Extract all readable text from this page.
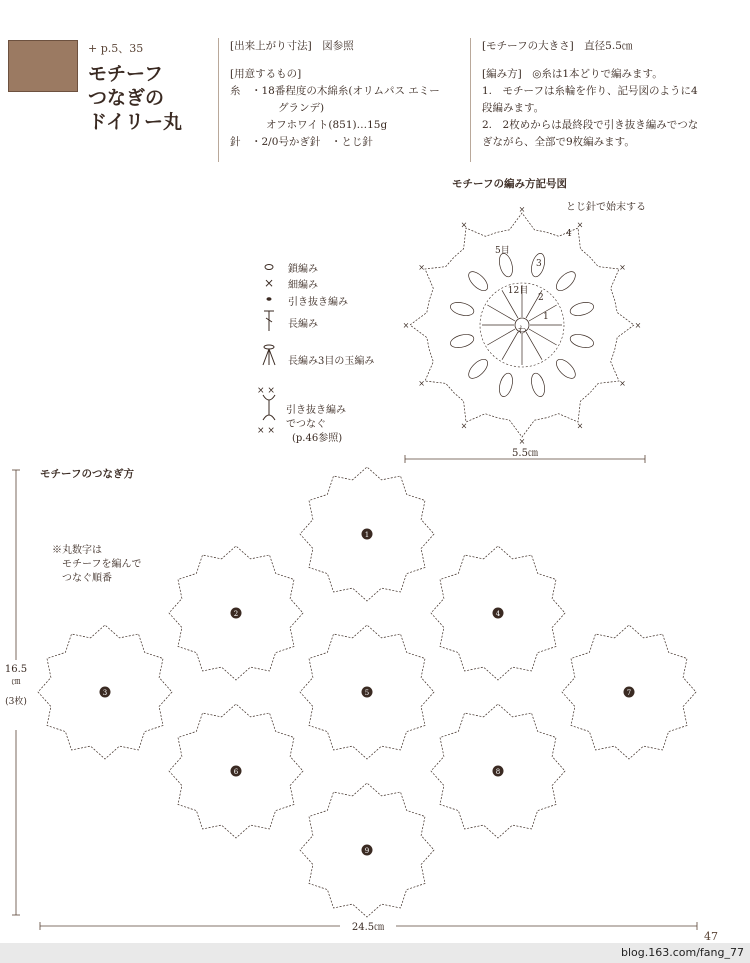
+ p.5、35
モチーフ
つなぎの
ドイリー丸
[出来上がり寸法]　 図参照
[用意するもの]
糸　・18番程度の木綿糸(オリムパス エミー
グランデ)
オフホワイト(851)…15g
針　・2/0号かぎ針　・とじ針
[モチーフの大きさ]　 直径5.5㎝
[編み方]　 ◎糸は1本どりで編みます。
1.　モチーフは糸輪を作り、記号図のように4
段編みます。
2.　2枚めからは最終段で引き抜き編みでつな
ぎながら、全部で9枚編みます。
モチーフの編み方記号図
とじ針で始末する
×
×
×
×
×
×
×
×
×
×
×
×
5.5㎝
わ
1
2
3
4
12目
5目
×
× ×
× ×
鎖編み
細編み
引き抜き編み
長編み
長編み3目の玉編み
引き抜き編み
でつなぐ
(p.46参照)
モチーフのつなぎ方
※丸数字は
モチーフを編んで
つなぐ順番
1
2
3
4
5
6
7
8
9
16.5
㎝
(3枚)
24.5㎝
47
blog.163.com/fang_77
